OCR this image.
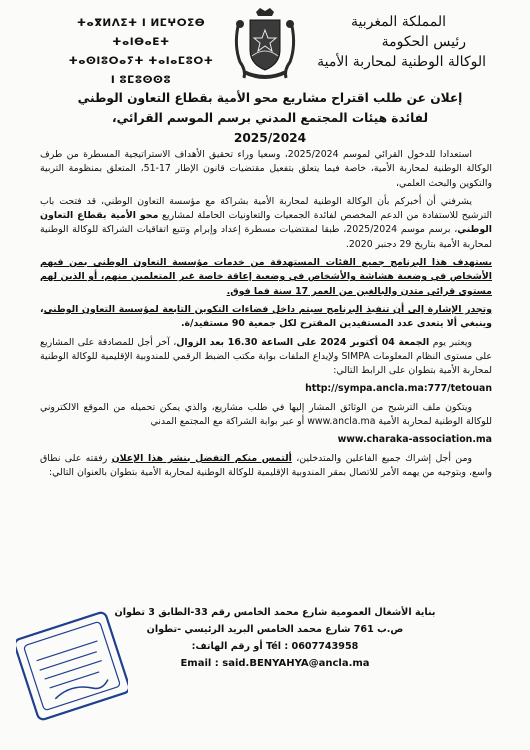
ⵜⴰⴳⵍⴷⵉⵜ ⵏ ⵍⵎⵖⵔⵉⴱ
ⵜⴰⵏⴱⴰⴹⵜ
ⵜⴰⵙⵏⵓⵔⴰⵢⵜ ⵜⴰⵏⴰⵎⵓⵔⵜ ⵏ ⵓⵎⵓⵙⵙⵓ
المملكة المغربية
رئيس الحكومة
الوكالة الوطنية لمحاربة الأمية
إعلان عن طلب اقتراح مشاريع محو الأمية بقطاع التعاون الوطني
لفائدة هيئات المجتمع المدني برسم الموسم القرائي،
2025/2024

استعدادا للدخول القرائي لموسم 2025/2024، وسعيا وراء تحقيق الأهداف الاستراتيجية المسطرة من طرف الوكالة الوطنية لمحاربة الأمية، خاصة فيما يتعلق بتفعيل مقتضيات قانون الإطار 17-51، المتعلق بمنظومة التربية والتكوين والبحث العلمي،

يشرفني أن أخبركم بأن الوكالة الوطنية لمحاربة الأمية بشراكة مع مؤسسة التعاون الوطني، قد فتحت باب الترشيح للاستفادة من الدعم المخصص لفائدة الجمعيات والتعاونيات الحاملة لمشاريع محو الأمية بقطاع التعاون الوطني، برسم موسم 2025/2024، طبقا لمقتضيات مسطرة إعداد وإبرام وتتبع اتفاقيات الشراكة للوكالة الوطنية لمحاربة الأمية بتاريخ 29 دجنبر 2020.

يستهدف هذا البرنامج جميع الفئات المستهدفة من خدمات مؤسسة التعاون الوطني بمن فيهم الأشخاص في وضعية هشاشة والأشخاص في وضعية إعاقة خاصة غير المتعلمين منهم، أو الذين لهم مستوى قرائي متدن والبالغين من العمر 17 سنة فما فوق.

وتجدر الإشارة إلى أن تنفيذ البرنامج سيتم داخل فضاءات التكوين التابعة لمؤسسة التعاون الوطني، وينبغي ألا يتعدى عدد المستفيدين المقترح لكل جمعية 90 مستفيد/ة.

ويعتبر يوم الجمعة 04 أكتوبر 2024 على الساعة 16.30 بعد الزوال، آخر أجل للمصادقة على المشاريع على مستوى النظام المعلومات SIMPA ولإيداع الملفات بوابة مكتب الضبط الرقمي للمندوبية الإقليمية للوكالة الوطنية لمحاربة الأمية بتطوان على الرابط التالي:

http://sympa.ancla.ma:777/tetouan

ويتكون ملف الترشيح من الوثائق المشار إليها في طلب مشاريع، والذي يمكن تحميله من الموقع الالكتروني للوكالة الوطنية لمحاربة الأمية www.ancla.ma أو عبر بوابة الشراكة مع المجتمع المدني

www.charaka-association.ma

ومن أجل إشراك جميع الفاعلين والمتدخلين، ألتمس منكم التفضل بنشر هذا الإعلان رفقته على نطاق واسع، وبتوجيه من يهمه الأمر للاتصال بمقر المندوبية الإقليمية للوكالة الوطنية لمحاربة الأمية بتطوان بالعنوان التالي:

بناية الأشغال العمومية شارع محمد الخامس رقم 33-الطابق 3 تطوان
ص.ب 761 شارع محمد الخامس البريد الرئيسي -تطوان
Tél : 0607743958 أو رقم الهاتف:
Email : said.BENYAHYA@ancla.ma
